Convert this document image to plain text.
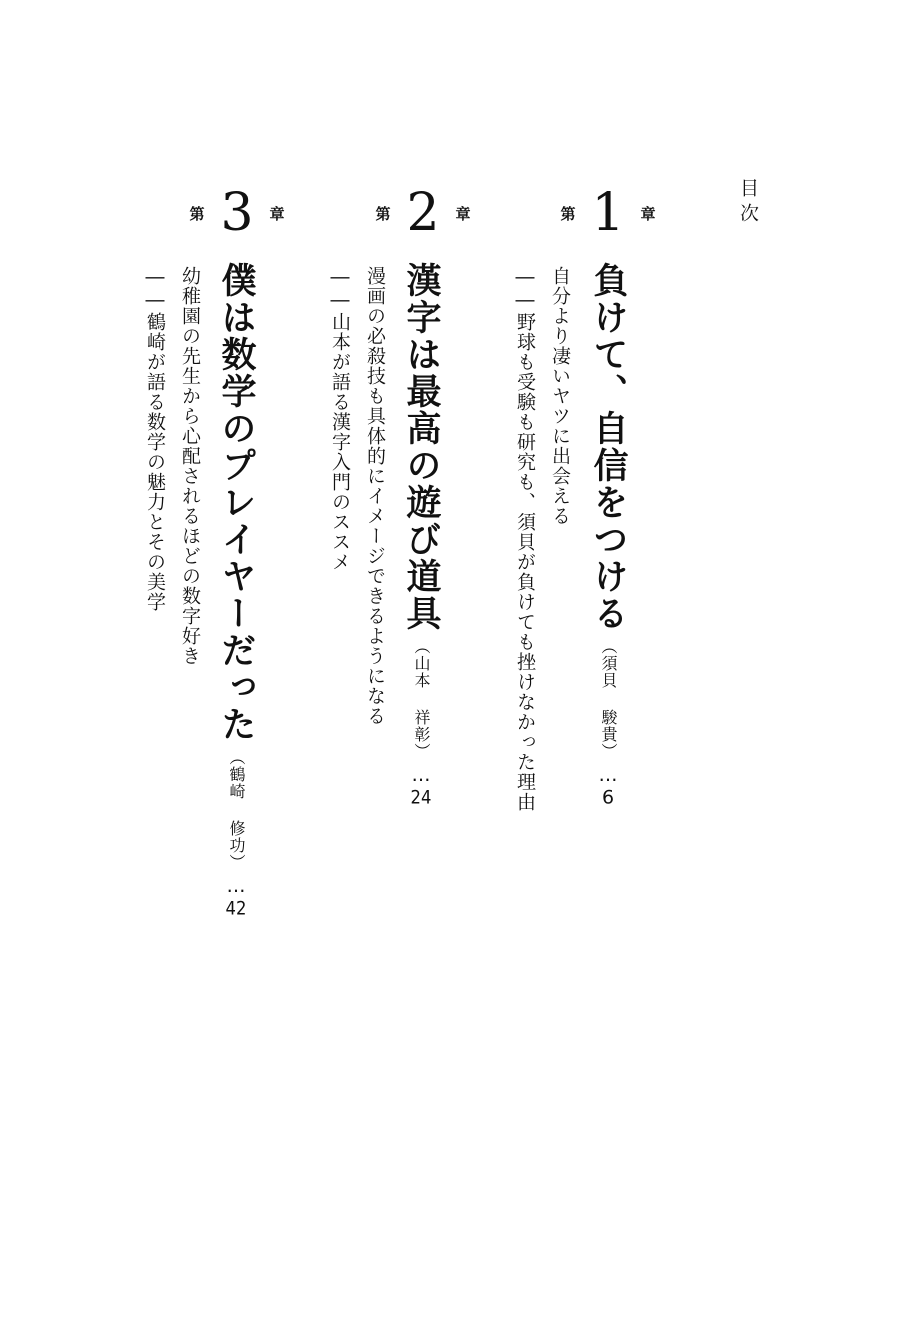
目次
第 1 章
負けて、自信をつける（須貝 駿貴）…6
自分より凄いヤツに出会える
――野球も受験も研究も、須貝が負けても挫けなかった理由
第 2 章
漢字は最高の遊び道具（山本 祥彰）…24
漫画の必殺技も具体的にイメージできるようになる
――山本が語る漢字入門のススメ
第 3 章
僕は数学のプレイヤーだった（鶴崎 修功）…42
幼稚園の先生から心配されるほどの数字好き
――鶴崎が語る数学の魅力とその美学
